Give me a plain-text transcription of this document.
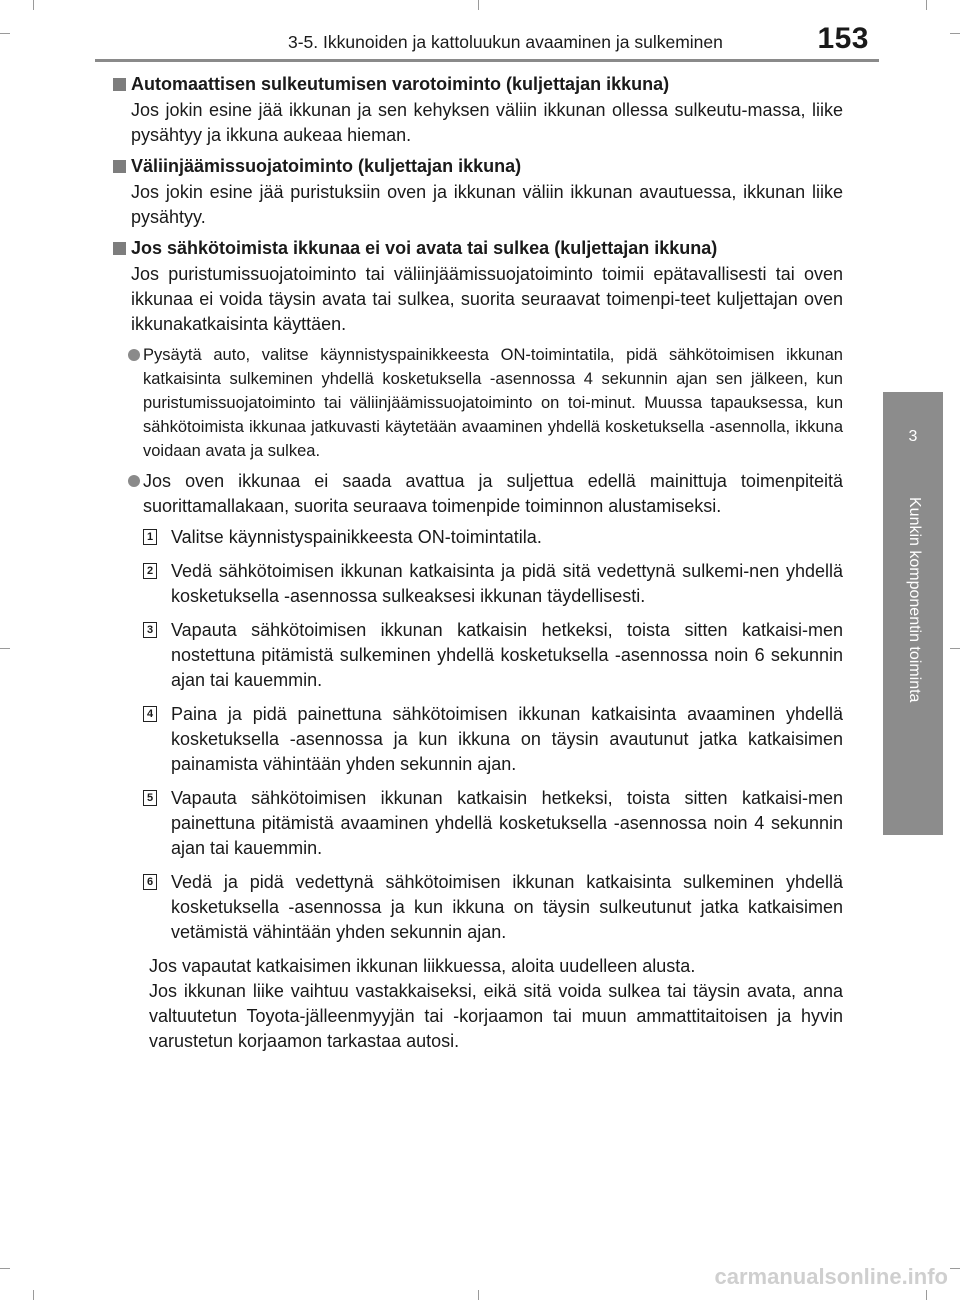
3-5. Ikkunoiden ja kattoluukun avaaminen ja sulkeminen	153
3
Kunkin komponentin toiminta
Automaattisen sulkeutumisen varotoiminto (kuljettajan ikkuna)

Jos jokin esine jää ikkunan ja sen kehyksen väliin ikkunan ollessa sulkeutu-massa, liike pysähtyy ja ikkuna aukeaa hieman.

Väliinjäämissuojatoiminto (kuljettajan ikkuna)

Jos jokin esine jää puristuksiin oven ja ikkunan väliin ikkunan avautuessa, ikkunan liike pysähtyy.

Jos sähkötoimista ikkunaa ei voi avata tai sulkea (kuljettajan ikkuna)

Jos puristumissuojatoiminto tai väliinjäämissuojatoiminto toimii epätavallisesti tai oven ikkunaa ei voida täysin avata tai sulkea, suorita seuraavat toimenpi-teet kuljettajan oven ikkunakatkaisinta käyttäen.

Pysäytä auto, valitse käynnistyspainikkeesta ON-toimintatila, pidä sähkötoimisen ikkunan katkaisinta sulkeminen yhdellä kosketuksella -asennossa 4 sekunnin ajan sen jälkeen, kun puristumissuojatoiminto tai väliinjäämissuojatoiminto on toi-minut. Muussa tapauksessa, kun sähkötoimista ikkunaa jatkuvasti käytetään avaaminen yhdellä kosketuksella -asennolla, ikkuna voidaan avata ja sulkea.
Jos oven ikkunaa ei saada avattua ja suljettua edellä mainittuja toimenpiteitä suorittamallakaan, suorita seuraava toimenpide toiminnon alustamiseksi.
1 Valitse käynnistyspainikkeesta ON-toimintatila.
2 Vedä sähkötoimisen ikkunan katkaisinta ja pidä sitä vedettynä sulkemi-nen yhdellä kosketuksella -asennossa sulkeaksesi ikkunan täydellisesti.
3 Vapauta sähkötoimisen ikkunan katkaisin hetkeksi, toista sitten katkaisi-men nostettuna pitämistä sulkeminen yhdellä kosketuksella -asennossa noin 6 sekunnin ajan tai kauemmin.
4 Paina ja pidä painettuna sähkötoimisen ikkunan katkaisinta avaaminen yhdellä kosketuksella -asennossa ja kun ikkuna on täysin avautunut jatka katkaisimen painamista vähintään yhden sekunnin ajan.
5 Vapauta sähkötoimisen ikkunan katkaisin hetkeksi, toista sitten katkaisi-men painettuna pitämistä avaaminen yhdellä kosketuksella -asennossa noin 4 sekunnin ajan tai kauemmin.
6 Vedä ja pidä vedettynä sähkötoimisen ikkunan katkaisinta sulkeminen yhdellä kosketuksella -asennossa ja kun ikkuna on täysin sulkeutunut jatka katkaisimen vetämistä vähintään yhden sekunnin ajan.

Jos vapautat katkaisimen ikkunan liikkuessa, aloita uudelleen alusta.

Jos ikkunan liike vaihtuu vastakkaiseksi, eikä sitä voida sulkea tai täysin avata, anna valtuutetun Toyota-jälleenmyyjän tai -korjaamon tai muun ammattitaitoisen ja hyvin varustetun korjaamon tarkastaa autosi.

carmanualsonline.info
